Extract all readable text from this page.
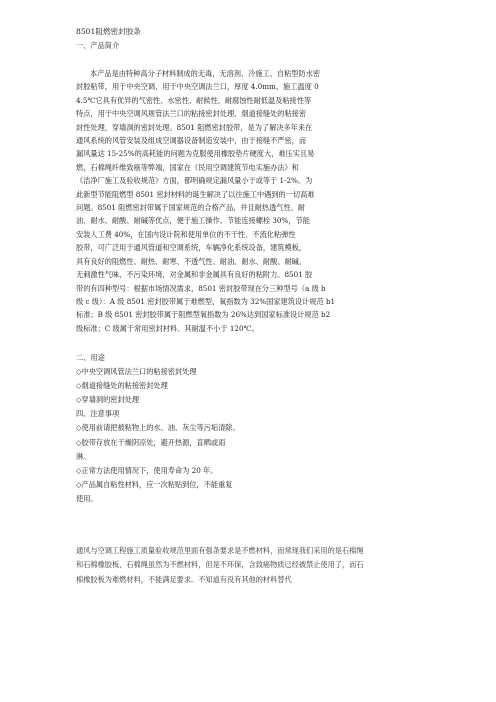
8501阻燃密封胶条
一、产品简介
本产品是由特种高分子材料制成的无毒，无溶剂、冷施工、自粘型防水密
封胶粘带，用于中央空调，用于中央空调法兰口，厚度 4.0mm，施工温度 0
4.5℃它具有优异的气密性、水密性、耐候性、耐腐蚀性耐低温及粘接性等
特点，用于中央空调风规管法兰口的粘接密封处理、烟道接缝处的粘接密
封性处理，穿墙洞的密封处理。8501 阻燃密封胶带，是为了解决多年来在
通风系统的风管安装及组成空调器设备制造安装中，由于接缝不严密，而
漏风量达 15-25%的高耗能的问题为克服使用橡胶垫片硬度大，难压实且易
燃，石棉绳纤维致癌等弊端，国家在《民用空调建筑节电实施办法》和
《洁净厂施工及验收规范》方面，都明确规定漏风量小于或等于 1-2%。为
此新型节能阻燃型 8501 密封材料的诞生解决了以往施工中遇到的一切高难
问题。8501 阻燃密封带属于国家规范的合格产品，并且耐热透气性、耐
油、耐水、耐酸、耐碱等优点，便于施工操作、节能连接螺栓 30%，节能
安装人工费 40%，在国内设计院和使用单位的不干性、不流化粘弹性
胶带，可广泛用于通风管道和空调系统，车辆净化系统设备，建筑模板，
具有良好的阻燃性、耐热、耐寒、不透气性、耐油、耐水、耐酸、耐碱、
无刺激性气味，不污染环境，对金属和非金属具有良好的粘附力。8501 胶
带的有四种型号：根据市场情况需求，8501 密封胶带现在分三种型号（a 级 b
级 c 级）：A 级 8501 密封胶带属于难燃型，氧指数为 32%国家建筑设计规范 b1
标准；B 级 8501 密封胶带属于阻燃型氧指数为 26%达到国家标准设计规范 b2
级标准；C 级属于常用密封材料、其耐温不小于 120℃。
二、用途
◇中央空调风管法兰口的粘接密封处理
◇烟道接缝处的粘接密封处理
◇穿墙洞的密封处理
四、注意事项
◇使用前请把被粘物上的水、油、灰尘等污垢清除。
◇胶带存放在干燥阴凉处，避开热源，直晒或雨
淋。
◇正常方法使用情况下，使用寿命为 20 年。
◇产品属自粘性材料，应一次粘贴到位，不能重复
使用。
通风与空调工程施工质量验收规范里面有强条要求是不燃材料，而常现我们采用的是石棉绳
和石棉橡胶板，石棉绳虽然为不燃材料，但是不环保，含致癌物质已经被禁止使用了，而石
棉橡胶板为难燃材料，不能满足要求。不知道有没有其他的材料替代
